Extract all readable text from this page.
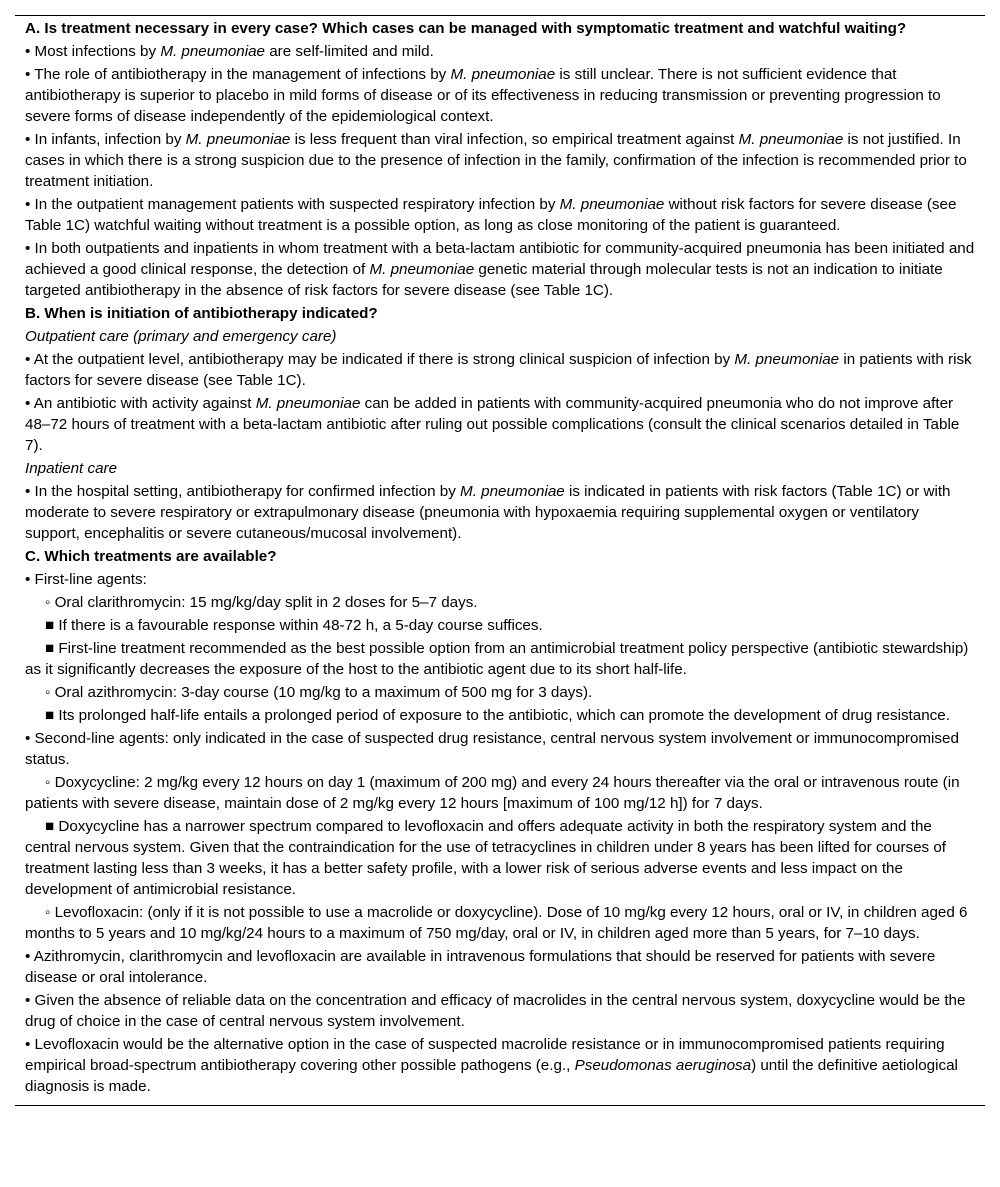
A. Is treatment necessary in every case? Which cases can be managed with symptomatic treatment and watchful waiting?

• Most infections by M. pneumoniae are self-limited and mild.

• The role of antibiotherapy in the management of infections by M. pneumoniae is still unclear. There is not sufficient evidence that antibiotherapy is superior to placebo in mild forms of disease or of its effectiveness in reducing transmission or preventing progression to severe forms of disease independently of the epidemiological context.

• In infants, infection by M. pneumoniae is less frequent than viral infection, so empirical treatment against M. pneumoniae is not justified. In cases in which there is a strong suspicion due to the presence of infection in the family, confirmation of the infection is recommended prior to treatment initiation.

• In the outpatient management patients with suspected respiratory infection by M. pneumoniae without risk factors for severe disease (see Table 1C) watchful waiting without treatment is a possible option, as long as close monitoring of the patient is guaranteed.

• In both outpatients and inpatients in whom treatment with a beta-lactam antibiotic for community-acquired pneumonia has been initiated and achieved a good clinical response, the detection of M. pneumoniae genetic material through molecular tests is not an indication to initiate targeted antibiotherapy in the absence of risk factors for severe disease (see Table 1C).

B. When is initiation of antibiotherapy indicated?

Outpatient care (primary and emergency care)

• At the outpatient level, antibiotherapy may be indicated if there is strong clinical suspicion of infection by M. pneumoniae in patients with risk factors for severe disease (see Table 1C).

• An antibiotic with activity against M. pneumoniae can be added in patients with community-acquired pneumonia who do not improve after 48–72 hours of treatment with a beta-lactam antibiotic after ruling out possible complications (consult the clinical scenarios detailed in Table 7).

Inpatient care

• In the hospital setting, antibiotherapy for confirmed infection by M. pneumoniae is indicated in patients with risk factors (Table 1C) or with moderate to severe respiratory or extrapulmonary disease (pneumonia with hypoxaemia requiring supplemental oxygen or ventilatory support, encephalitis or severe cutaneous/mucosal involvement).

C. Which treatments are available?

• First-line agents:

◦ Oral clarithromycin: 15 mg/kg/day split in 2 doses for 5–7 days.

■ If there is a favourable response within 48-72 h, a 5-day course suffices.

■ First-line treatment recommended as the best possible option from an antimicrobial treatment policy perspective (antibiotic stewardship) as it significantly decreases the exposure of the host to the antibiotic agent due to its short half-life.

◦ Oral azithromycin: 3-day course (10 mg/kg to a maximum of 500 mg for 3 days).

■ Its prolonged half-life entails a prolonged period of exposure to the antibiotic, which can promote the development of drug resistance.

• Second-line agents: only indicated in the case of suspected drug resistance, central nervous system involvement or immunocompromised status.

◦ Doxycycline: 2 mg/kg every 12 hours on day 1 (maximum of 200 mg) and every 24 hours thereafter via the oral or intravenous route (in patients with severe disease, maintain dose of 2 mg/kg every 12 hours [maximum of 100 mg/12 h]) for 7 days.

■ Doxycycline has a narrower spectrum compared to levofloxacin and offers adequate activity in both the respiratory system and the central nervous system. Given that the contraindication for the use of tetracyclines in children under 8 years has been lifted for courses of treatment lasting less than 3 weeks, it has a better safety profile, with a lower risk of serious adverse events and less impact on the development of antimicrobial resistance.

◦ Levofloxacin: (only if it is not possible to use a macrolide or doxycycline). Dose of 10 mg/kg every 12 hours, oral or IV, in children aged 6 months to 5 years and 10 mg/kg/24 hours to a maximum of 750 mg/day, oral or IV, in children aged more than 5 years, for 7–10 days.

• Azithromycin, clarithromycin and levofloxacin are available in intravenous formulations that should be reserved for patients with severe disease or oral intolerance.

• Given the absence of reliable data on the concentration and efficacy of macrolides in the central nervous system, doxycycline would be the drug of choice in the case of central nervous system involvement.

• Levofloxacin would be the alternative option in the case of suspected macrolide resistance or in immunocompromised patients requiring empirical broad-spectrum antibiotherapy covering other possible pathogens (e.g., Pseudomonas aeruginosa) until the definitive aetiological diagnosis is made.
